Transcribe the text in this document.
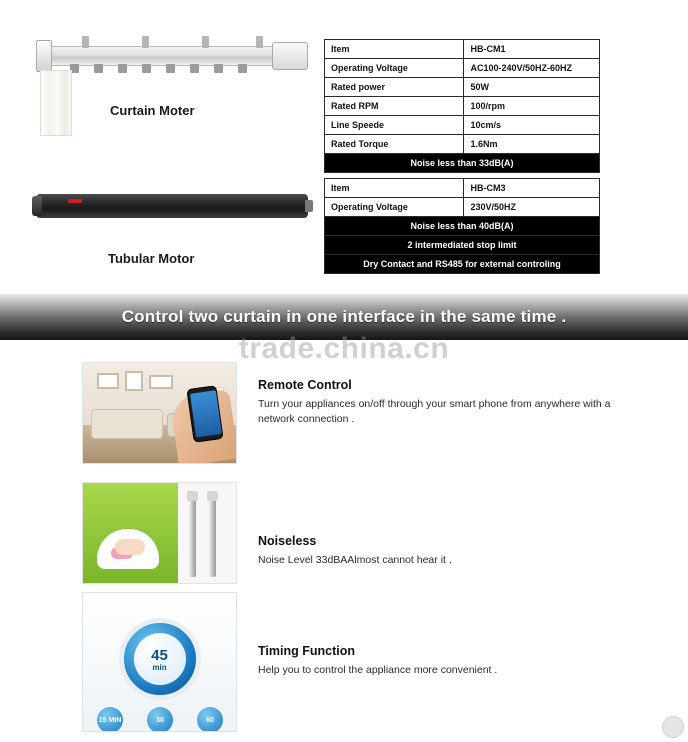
Curtain Moter
Item	HB-CM1
Operating Voltage	AC100-240V/50HZ-60HZ
Rated power	50W
Rated RPM	100/rpm
Line Speede	10cm/s
Rated Torque	1.6Nm
Noise less than 33dB(A)	
Tubular Motor
Item	HB-CM3
Operating Voltage	230V/50HZ
Noise less than 40dB(A)	
2 intermediated stop limit	
Dry Contact and RS485 for external controling	
Control two curtain in one interface in the same time .

Remote Control

Turn your appliances on/off through your smart phone from anywhere with a network connection .

Noiseless

Noise Level 33dBAAlmost cannot hear it .

45
min
15 MIN	30	60

Timing Function

Help you to control the appliance more convenient .

trade.china.cn
